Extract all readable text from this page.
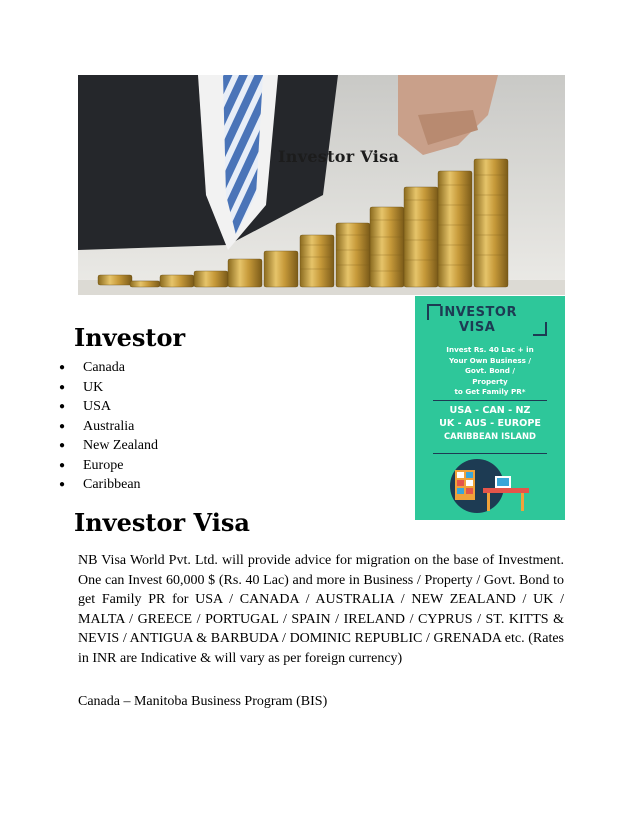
Investor Visa
INVESTOR
VISA
Invest Rs. 40 Lac + in
Your Own Business /
Govt. Bond /
Property
to Get Family PR*
USA - CAN - NZ
UK - AUS - EUROPE
CARIBBEAN ISLAND
Investor
● Canada
● UK
● USA
● Australia
● New Zealand
● Europe
● Caribbean
Investor Visa

NB Visa World Pvt. Ltd. will provide advice for migration on the base of Investment. One can Invest 60,000 $ (Rs. 40 Lac) and more in Business / Property / Govt. Bond to get Family PR for USA / CANADA / AUSTRALIA / NEW ZEALAND / UK / MALTA / GREECE / PORTUGAL / SPAIN / IRELAND / CYPRUS / ST. KITTS & NEVIS / ANTIGUA & BARBUDA / DOMINIC REPUBLIC / GRENADA etc. (Rates in INR are Indicative & will vary as per foreign currency)

Canada – Manitoba Business Program (BIS)
